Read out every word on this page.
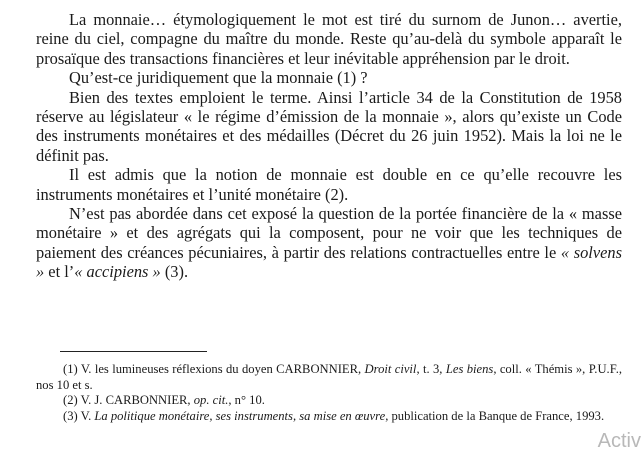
La monnaie… étymologiquement le mot est tiré du surnom de Junon… avertie, reine du ciel, compagne du maître du monde. Reste qu’au-delà du symbole apparaît le prosaïque des transactions financières et leur inévitable appréhension par le droit.

Qu’est-ce juridiquement que la monnaie (1) ?

Bien des textes emploient le terme. Ainsi l’article 34 de la Constitution de 1958 réserve au législateur « le régime d’émission de la monnaie », alors qu’existe un Code des instruments monétaires et des médailles (Décret du 26 juin 1952). Mais la loi ne le définit pas.

Il est admis que la notion de monnaie est double en ce qu’elle recouvre les instruments monétaires et l’unité monétaire (2).

N’est pas abordée dans cet exposé la question de la portée financière de la « masse monétaire » et des agrégats qui la composent, pour ne voir que les techniques de paiement des créances pécuniaires, à partir des relations contractuelles entre le « solvens » et l’« accipiens » (3).

(1) V. les lumineuses réflexions du doyen CARBONNIER, Droit civil, t. 3, Les biens, coll. « Thémis », P.U.F., nos 10 et s.

(2) V. J. CARBONNIER, op. cit., n° 10.

(3) V. La politique monétaire, ses instruments, sa mise en œuvre, publication de la Banque de France, 1993.

Activ
